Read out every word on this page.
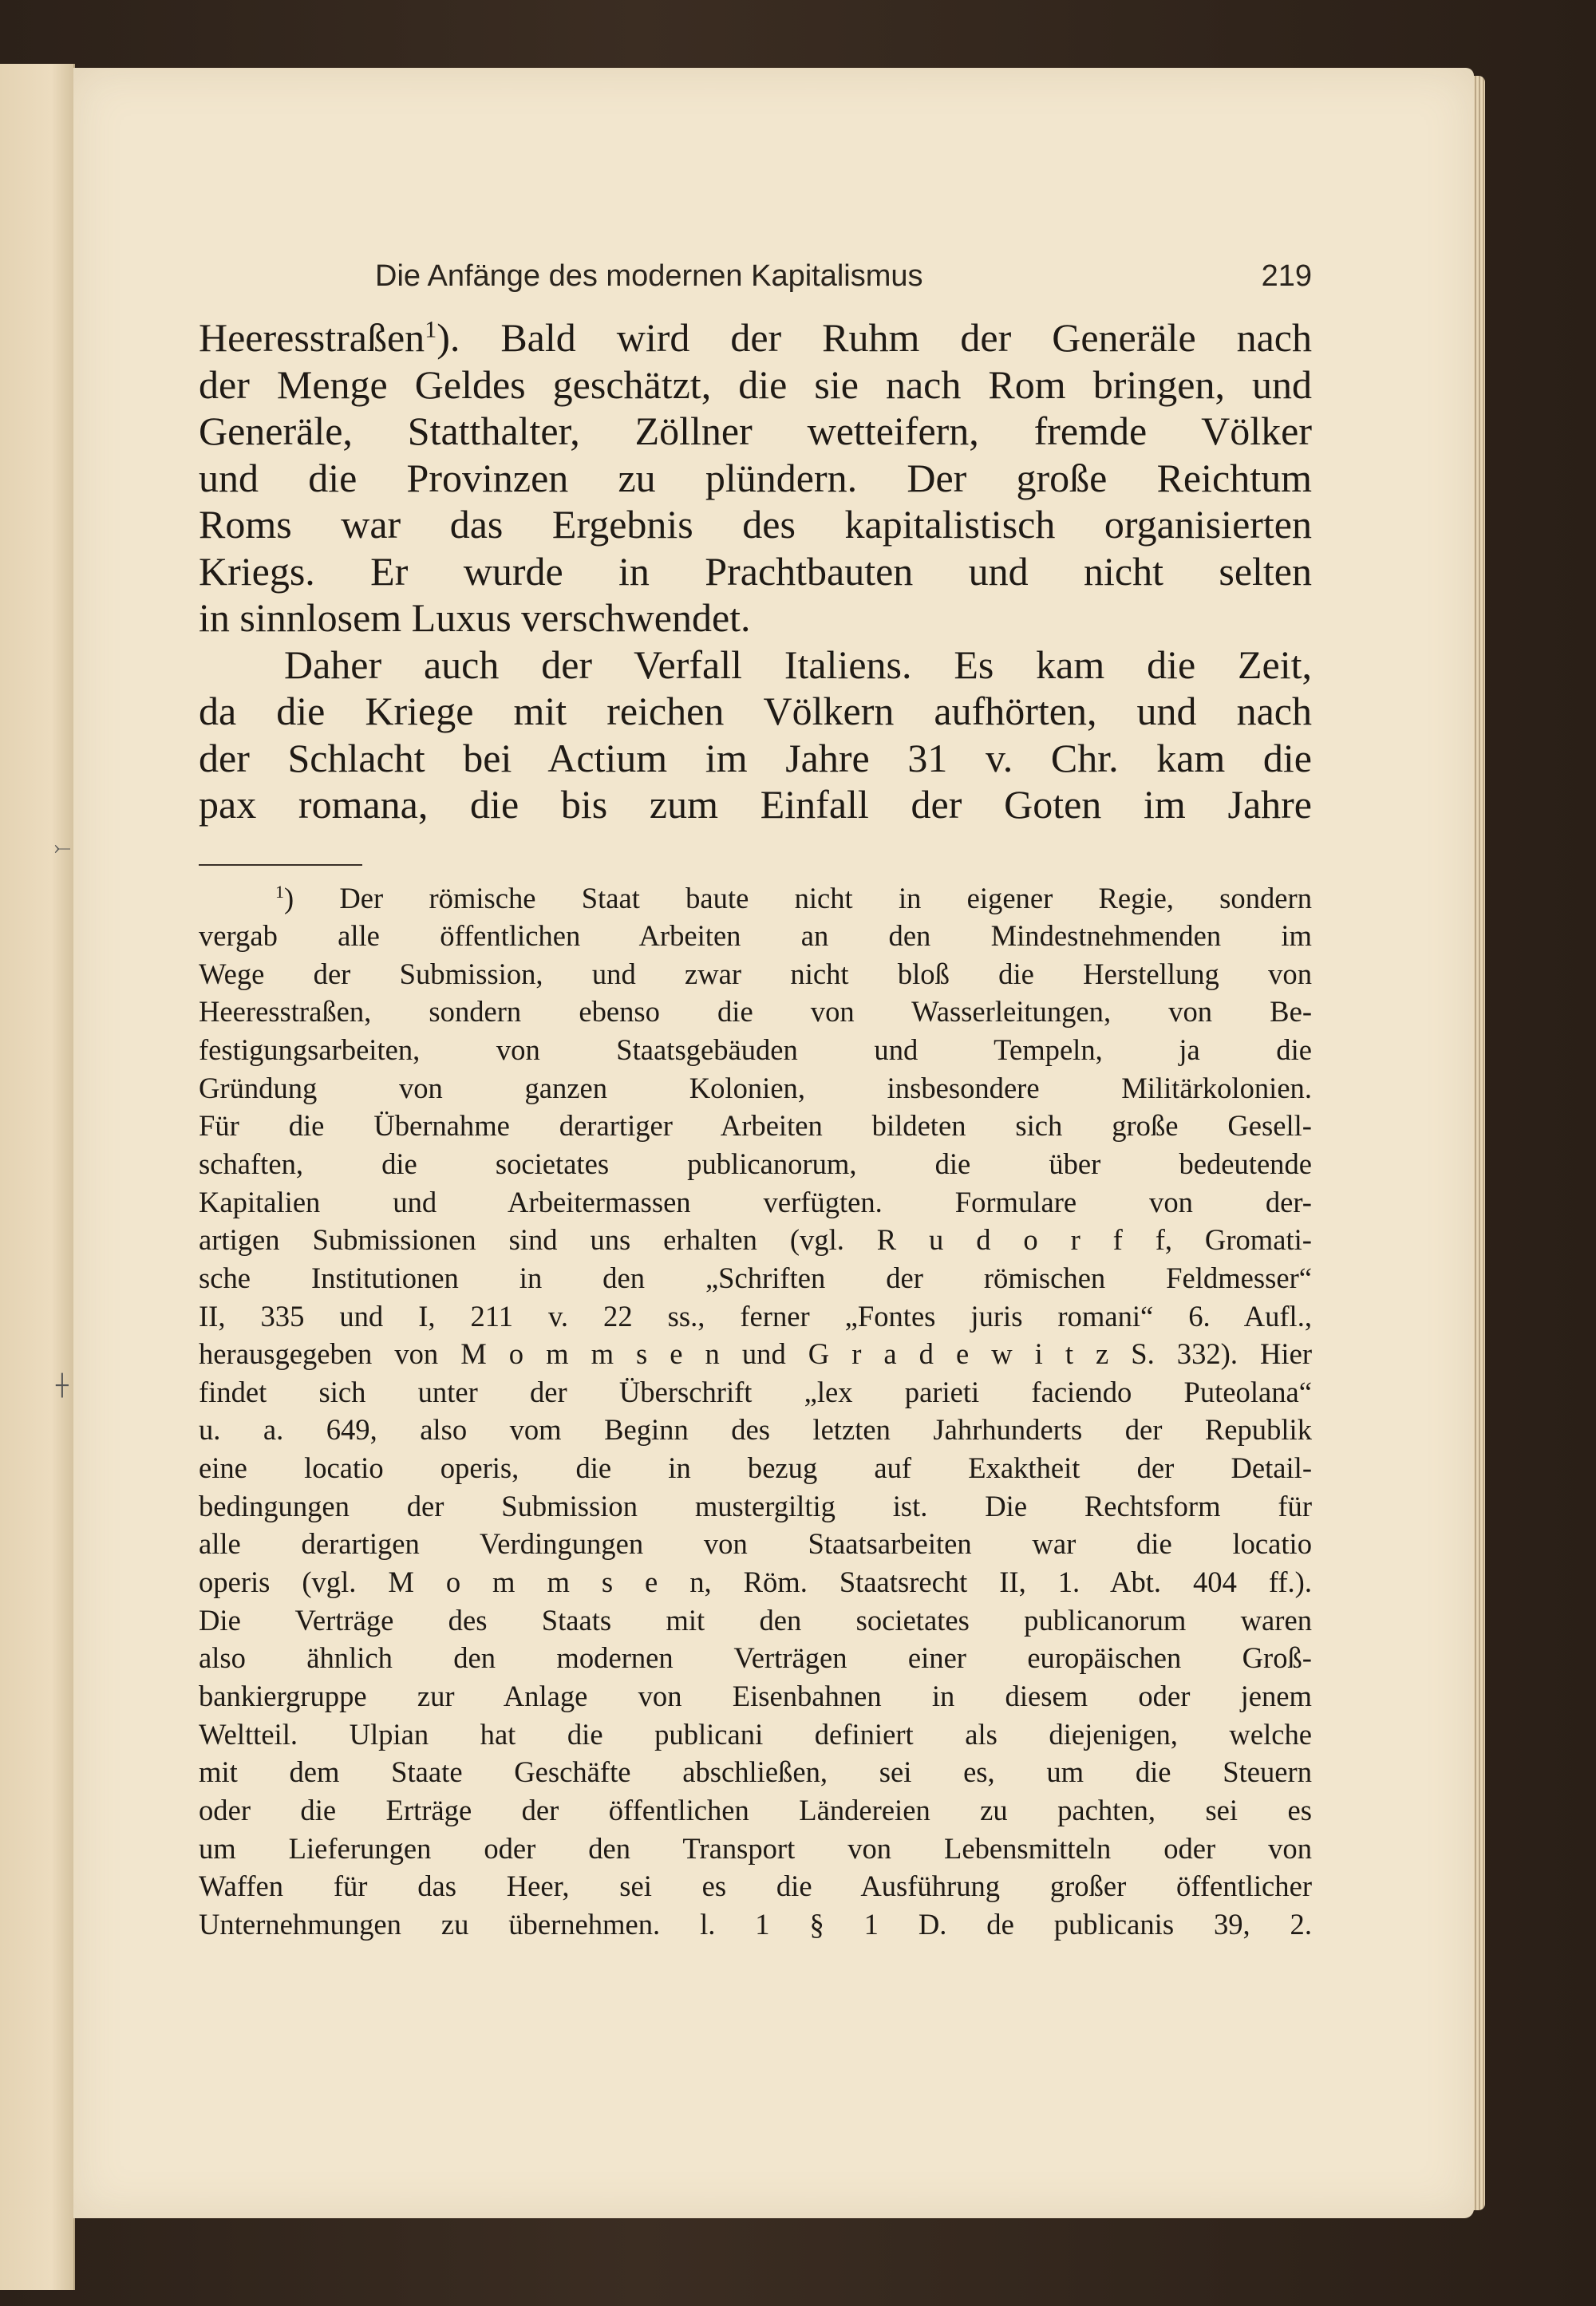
Die Anfänge des modernen Kapitalismus	219
Heeresstraßen$^1$). Bald wird der Ruhm der Generäle nach
der Menge Geldes geschätzt, die sie nach Rom bringen, und
Generäle, Statthalter, Zöllner wetteifern, fremde Völker
und die Provinzen zu plündern. Der große Reichtum
Roms war das Ergebnis des kapitalistisch organisierten
Kriegs. Er wurde in Prachtbauten und nicht selten
in sinnlosem Luxus verschwendet.
Daher auch der Verfall Italiens. Es kam die Zeit,
da die Kriege mit reichen Völkern aufhörten, und nach
der Schlacht bei Actium im Jahre 31 v. Chr. kam die
pax romana, die bis zum Einfall der Goten im Jahre
$^1$) Der römische Staat baute nicht in eigener Regie, sondern
vergab alle öffentlichen Arbeiten an den Mindestnehmenden im
Wege der Submission, und zwar nicht bloß die Herstellung von
Heeresstraßen, sondern ebenso die von Wasserleitungen, von Be-
festigungsarbeiten, von Staatsgebäuden und Tempeln, ja die
Gründung von ganzen Kolonien, insbesondere Militärkolonien.
Für die Übernahme derartiger Arbeiten bildeten sich große Gesell-
schaften, die societates publicanorum, die über bedeutende
Kapitalien und Arbeitermassen verfügten. Formulare von der-
artigen Submissionen sind uns erhalten (vgl. R u d o r f f, Gromati-
sche Institutionen in den „Schriften der römischen Feldmesser“
II, 335 und I, 211 v. 22 ss., ferner „Fontes juris romani“ 6. Aufl.,
herausgegeben von M o m m s e n und G r a d e w i t z S. 332). Hier
findet sich unter der Überschrift „lex parieti faciendo Puteolana“
u. a. 649, also vom Beginn des letzten Jahrhunderts der Republik
eine locatio operis, die in bezug auf Exaktheit der Detail-
bedingungen der Submission mustergiltig ist. Die Rechtsform für
alle derartigen Verdingungen von Staatsarbeiten war die locatio
operis (vgl. M o m m s e n, Röm. Staatsrecht II, 1. Abt. 404 ff.).
Die Verträge des Staats mit den societates publicanorum waren
also ähnlich den modernen Verträgen einer europäischen Groß-
bankiergruppe zur Anlage von Eisenbahnen in diesem oder jenem
Weltteil. Ulpian hat die publicani definiert als diejenigen, welche
mit dem Staate Geschäfte abschließen, sei es, um die Steuern
oder die Erträge der öffentlichen Ländereien zu pachten, sei es
um Lieferungen oder den Transport von Lebensmitteln oder von
Waffen für das Heer, sei es die Ausführung großer öffentlicher
Unternehmungen zu übernehmen. l. 1 § 1 D. de publicanis 39, 2.
⤚
┼
